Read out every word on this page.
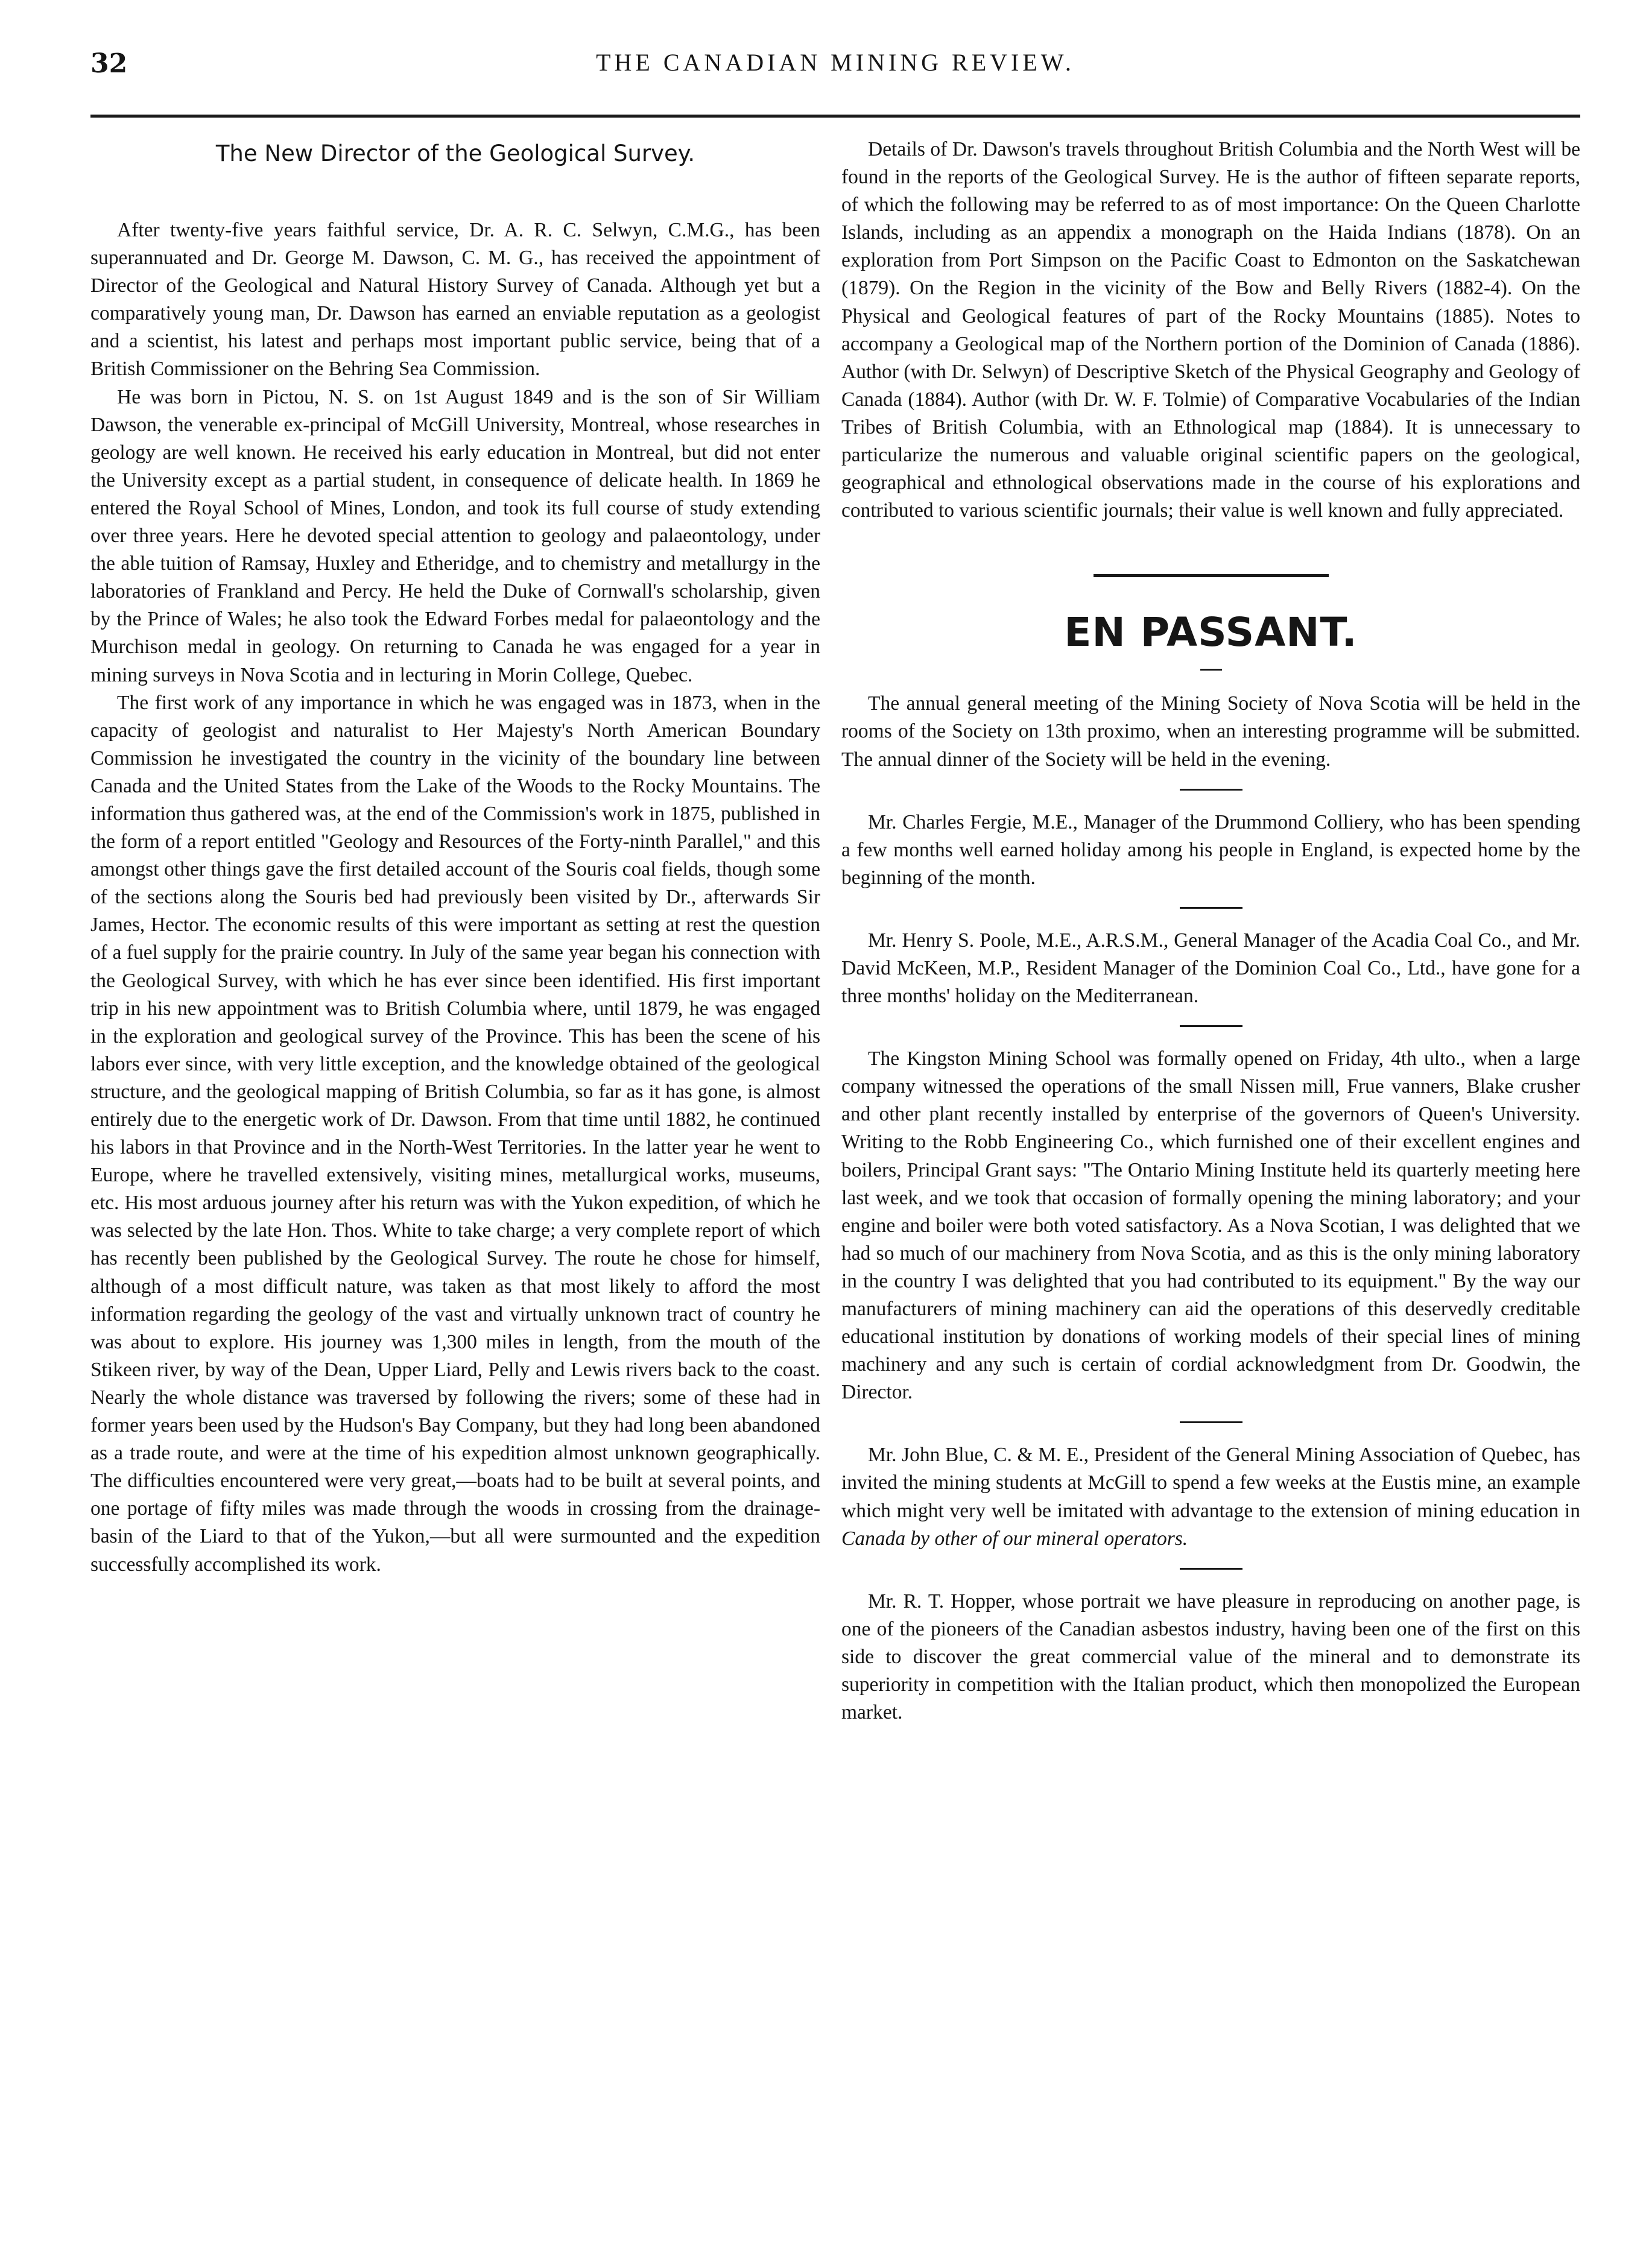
32	THE CANADIAN MINING REVIEW.
The New Director of the Geological Survey.

After twenty-five years faithful service, Dr. A. R. C. Selwyn, C.M.G., has been superannuated and Dr. George M. Dawson, C. M. G., has received the appointment of Director of the Geological and Natural History Survey of Canada. Although yet but a comparatively young man, Dr. Dawson has earned an enviable reputation as a geologist and a scientist, his latest and perhaps most important public service, being that of a British Commissioner on the Behring Sea Commission.

He was born in Pictou, N. S. on 1st August 1849 and is the son of Sir William Dawson, the venerable ex-principal of McGill University, Montreal, whose researches in geology are well known. He received his early education in Montreal, but did not enter the University except as a partial student, in consequence of delicate health. In 1869 he entered the Royal School of Mines, London, and took its full course of study extending over three years. Here he devoted special attention to geology and palaeontology, under the able tuition of Ramsay, Huxley and Etheridge, and to chemistry and metallurgy in the laboratories of Frankland and Percy. He held the Duke of Cornwall's scholarship, given by the Prince of Wales; he also took the Edward Forbes medal for palaeontology and the Murchison medal in geology. On returning to Canada he was engaged for a year in mining surveys in Nova Scotia and in lecturing in Morin College, Quebec.

The first work of any importance in which he was engaged was in 1873, when in the capacity of geologist and naturalist to Her Majesty's North American Boundary Commission he investigated the country in the vicinity of the boundary line between Canada and the United States from the Lake of the Woods to the Rocky Mountains. The information thus gathered was, at the end of the Commission's work in 1875, published in the form of a report entitled "Geology and Resources of the Forty-ninth Parallel," and this amongst other things gave the first detailed account of the Souris coal fields, though some of the sections along the Souris bed had previously been visited by Dr., afterwards Sir James, Hector. The economic results of this were important as setting at rest the question of a fuel supply for the prairie country. In July of the same year began his connection with the Geological Survey, with which he has ever since been identified. His first important trip in his new appointment was to British Columbia where, until 1879, he was engaged in the exploration and geological survey of the Province. This has been the scene of his labors ever since, with very little exception, and the knowledge obtained of the geological structure, and the geological mapping of British Columbia, so far as it has gone, is almost entirely due to the energetic work of Dr. Dawson. From that time until 1882, he continued his labors in that Province and in the North-West Territories. In the latter year he went to Europe, where he travelled extensively, visiting mines, metallurgical works, museums, etc. His most arduous journey after his return was with the Yukon expedition, of which he was selected by the late Hon. Thos. White to take charge; a very complete report of which has recently been published by the Geological Survey. The route he chose for himself, although of a most difficult nature, was taken as that most likely to afford the most information regarding the geology of the vast and virtually unknown tract of country he was about to explore. His journey was 1,300 miles in length, from the mouth of the Stikeen river, by way of the Dean, Upper Liard, Pelly and Lewis rivers back to the coast. Nearly the whole distance was traversed by following the rivers; some of these had in former years been used by the Hudson's Bay Company, but they had long been abandoned as a trade route, and were at the time of his expedition almost unknown geographically. The difficulties encountered were very great,—boats had to be built at several points, and one portage of fifty miles was made through the woods in crossing from the drainage-basin of the Liard to that of the Yukon,—but all were surmounted and the expedition successfully accomplished its work.

Details of Dr. Dawson's travels throughout British Columbia and the North West will be found in the reports of the Geological Survey. He is the author of fifteen separate reports, of which the following may be referred to as of most importance: On the Queen Charlotte Islands, including as an appendix a monograph on the Haida Indians (1878). On an exploration from Port Simpson on the Pacific Coast to Edmonton on the Saskatchewan (1879). On the Region in the vicinity of the Bow and Belly Rivers (1882-4). On the Physical and Geological features of part of the Rocky Mountains (1885). Notes to accompany a Geological map of the Northern portion of the Dominion of Canada (1886). Author (with Dr. Selwyn) of Descriptive Sketch of the Physical Geography and Geology of Canada (1884). Author (with Dr. W. F. Tolmie) of Comparative Vocabularies of the Indian Tribes of British Columbia, with an Ethnological map (1884). It is unnecessary to particularize the numerous and valuable original scientific papers on the geological, geographical and ethnological observations made in the course of his explorations and contributed to various scientific journals; their value is well known and fully appreciated.

EN PASSANT.

The annual general meeting of the Mining Society of Nova Scotia will be held in the rooms of the Society on 13th proximo, when an interesting programme will be submitted. The annual dinner of the Society will be held in the evening.

Mr. Charles Fergie, M.E., Manager of the Drummond Colliery, who has been spending a few months well earned holiday among his people in England, is expected home by the beginning of the month.

Mr. Henry S. Poole, M.E., A.R.S.M., General Manager of the Acadia Coal Co., and Mr. David McKeen, M.P., Resident Manager of the Dominion Coal Co., Ltd., have gone for a three months' holiday on the Mediterranean.

The Kingston Mining School was formally opened on Friday, 4th ulto., when a large company witnessed the operations of the small Nissen mill, Frue vanners, Blake crusher and other plant recently installed by enterprise of the governors of Queen's University. Writing to the Robb Engineering Co., which furnished one of their excellent engines and boilers, Principal Grant says: "The Ontario Mining Institute held its quarterly meeting here last week, and we took that occasion of formally opening the mining laboratory; and your engine and boiler were both voted satisfactory. As a Nova Scotian, I was delighted that we had so much of our machinery from Nova Scotia, and as this is the only mining laboratory in the country I was delighted that you had contributed to its equipment." By the way our manufacturers of mining machinery can aid the operations of this deservedly creditable educational institution by donations of working models of their special lines of mining machinery and any such is certain of cordial acknowledgment from Dr. Goodwin, the Director.

Mr. John Blue, C. & M. E., President of the General Mining Association of Quebec, has invited the mining students at McGill to spend a few weeks at the Eustis mine, an example which might very well be imitated with advantage to the extension of mining education in Canada by other of our mineral operators.

Mr. R. T. Hopper, whose portrait we have pleasure in reproducing on another page, is one of the pioneers of the Canadian asbestos industry, having been one of the first on this side to discover the great commercial value of the mineral and to demonstrate its superiority in competition with the Italian product, which then monopolized the European market.
